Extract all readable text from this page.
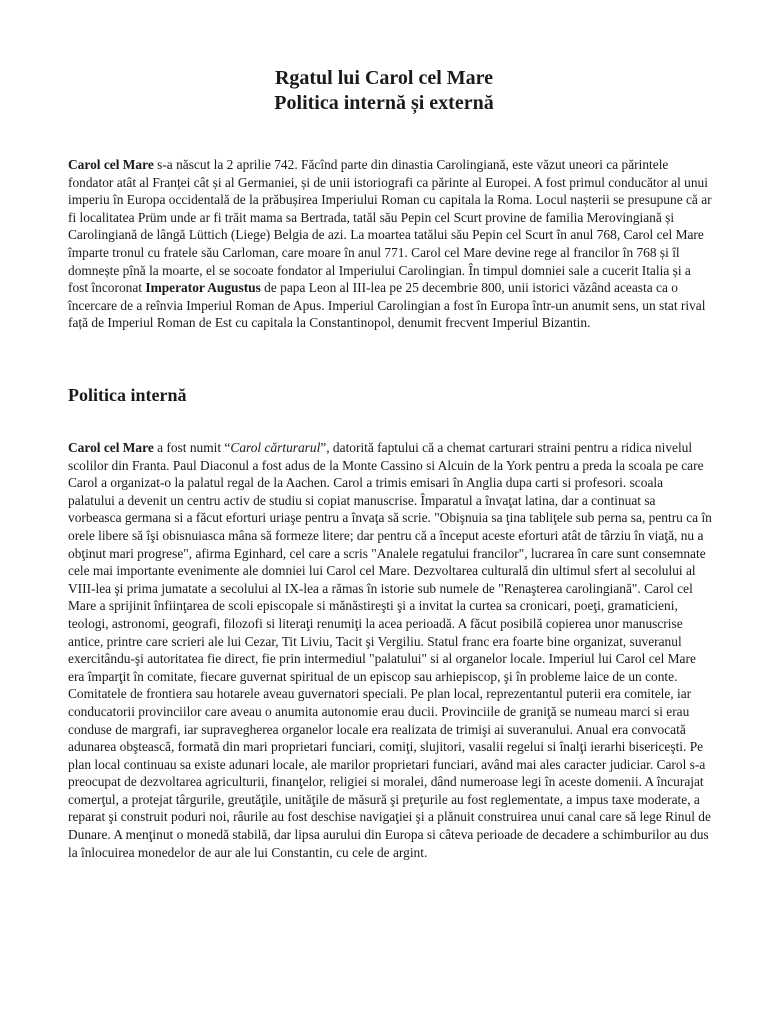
Rgatul lui Carol cel Mare
Politica internă și externă

Carol cel Mare s-a născut la 2 aprilie 742. Făcînd parte din dinastia Carolingiană, este văzut uneori ca părintele fondator atât al Franței cât și al Germaniei, și de unii istoriografi ca părinte al Europei. A fost primul conducător al unui imperiu în Europa occidentală de la prăbușirea Imperiului Roman cu capitala la Roma. Locul nașterii se presupune că ar fi localitatea Prüm unde ar fi trăit mama sa Bertrada, tatăl său Pepin cel Scurt provine de familia Merovingiană și Carolingiană de lângă Lüttich (Liege) Belgia de azi. La moartea tatălui său Pepin cel Scurt în anul 768, Carol cel Mare împarte tronul cu fratele său Carloman, care moare în anul 771. Carol cel Mare devine rege al francilor în 768 și îl domnește pînă la moarte, el se socoate fondator al Imperiului Carolingian. În timpul domniei sale a cucerit Italia și a fost încoronat Imperator Augustus de papa Leon al III-lea pe 25 decembrie 800, unii istorici văzând aceasta ca o încercare de a reînvia Imperiul Roman de Apus. Imperiul Carolingian a fost în Europa într-un anumit sens, un stat rival față de Imperiul Roman de Est cu capitala la Constantinopol, denumit frecvent Imperiul Bizantin.

Politica internă

Carol cel Mare a fost numit “Carol cărturarul”, datorită faptului că a chemat carturari straini pentru a ridica nivelul scolilor din Franta. Paul Diaconul a fost adus de la Monte Cassino si Alcuin de la York pentru a preda la scoala pe care Carol a organizat-o la palatul regal de la Aachen. Carol a trimis emisari în Anglia dupa carti si profesori. scoala palatului a devenit un centru activ de studiu si copiat manuscrise. Împaratul a învaţat latina, dar a continuat sa vorbeasca germana si a făcut eforturi uriaşe pentru a învaţa să scrie. "Obişnuia sa ţina tabliţele sub perna sa, pentru ca în orele libere să îşi obisnuiasca mâna să formeze litere; dar pentru că a început aceste eforturi atât de târziu în viaţă, nu a obţinut mari progrese", afirma Eginhard, cel care a scris "Analele regatului francilor", lucrarea în care sunt consemnate cele mai importante evenimente ale domniei lui Carol cel Mare. Dezvoltarea culturală din ultimul sfert al secolului al VIII-lea şi prima jumatate a secolului al IX-lea a rămas în istorie sub numele de "Renaşterea carolingiană". Carol cel Mare a sprijinit înfiinţarea de scoli episcopale si mănăstireşti şi a invitat la curtea sa cronicari, poeţi, gramaticieni, teologi, astronomi, geografi, filozofi si literaţi renumiţi la acea perioadă. A făcut posibilă copierea unor manuscrise antice, printre care scrieri ale lui Cezar, Tit Liviu, Tacit şi Vergiliu. Statul franc era foarte bine organizat, suveranul exercitându-şi autoritatea fie direct, fie prin intermediul "palatului" si al organelor locale. Imperiul lui Carol cel Mare era împarţit în comitate, fiecare guvernat spiritual de un episcop sau arhiepiscop, şi în probleme laice de un conte. Comitatele de frontiera sau hotarele aveau guvernatori speciali. Pe plan local, reprezentantul puterii era comitele, iar conducatorii provinciilor care aveau o anumita autonomie erau ducii. Provinciile de graniţă se numeau marci si erau conduse de margrafi, iar supravegherea organelor locale era realizata de trimişi ai suveranului. Anual era convocată adunarea obştească, formată din mari proprietari funciari, comiţi, slujitori, vasalii regelui si înalţi ierarhi bisericeşti. Pe plan local continuau sa existe adunari locale, ale marilor proprietari funciari, având mai ales caracter judiciar. Carol s-a preocupat de dezvoltarea agriculturii, finanţelor, religiei si moralei, dând numeroase legi în aceste domenii. A încurajat comerţul, a protejat târgurile, greutăţile, unităţile de măsură şi preţurile au fost reglementate, a impus taxe moderate, a reparat şi construit poduri noi, râurile au fost deschise navigaţiei şi a plănuit construirea unui canal care să lege Rinul de Dunare. A menţinut o monedă stabilă, dar lipsa aurului din Europa si câteva perioade de decadere a schimburilor au dus la înlocuirea monedelor de aur ale lui Constantin, cu cele de argint.
